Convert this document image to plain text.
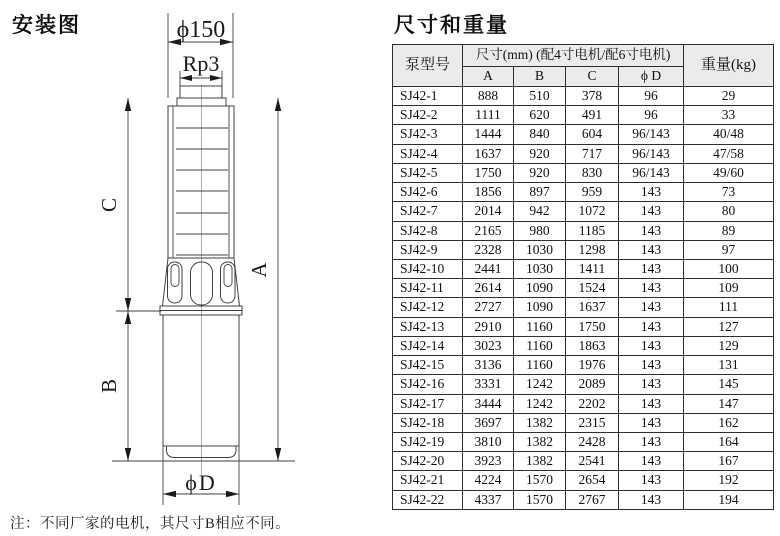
安装图	尺寸和重量
ϕ150
Rp3
C
A
B
ϕD
泵型号	尺寸(mm) (配4寸电机/配6寸电机)				重量(kg)
	A	B	C	ϕ D	
SJ42-1	888	510	378	96	29
SJ42-2	1111	620	491	96	33
SJ42-3	1444	840	604	96/143	40/48
SJ42-4	1637	920	717	96/143	47/58
SJ42-5	1750	920	830	96/143	49/60
SJ42-6	1856	897	959	143	73
SJ42-7	2014	942	1072	143	80
SJ42-8	2165	980	1185	143	89
SJ42-9	2328	1030	1298	143	97
SJ42-10	2441	1030	1411	143	100
SJ42-11	2614	1090	1524	143	109
SJ42-12	2727	1090	1637	143	111
SJ42-13	2910	1160	1750	143	127
SJ42-14	3023	1160	1863	143	129
SJ42-15	3136	1160	1976	143	131
SJ42-16	3331	1242	2089	143	145
SJ42-17	3444	1242	2202	143	147
SJ42-18	3697	1382	2315	143	162
SJ42-19	3810	1382	2428	143	164
SJ42-20	3923	1382	2541	143	167
SJ42-21	4224	1570	2654	143	192
SJ42-22	4337	1570	2767	143	194
注：不同厂家的电机，其尺寸B相应不同。
